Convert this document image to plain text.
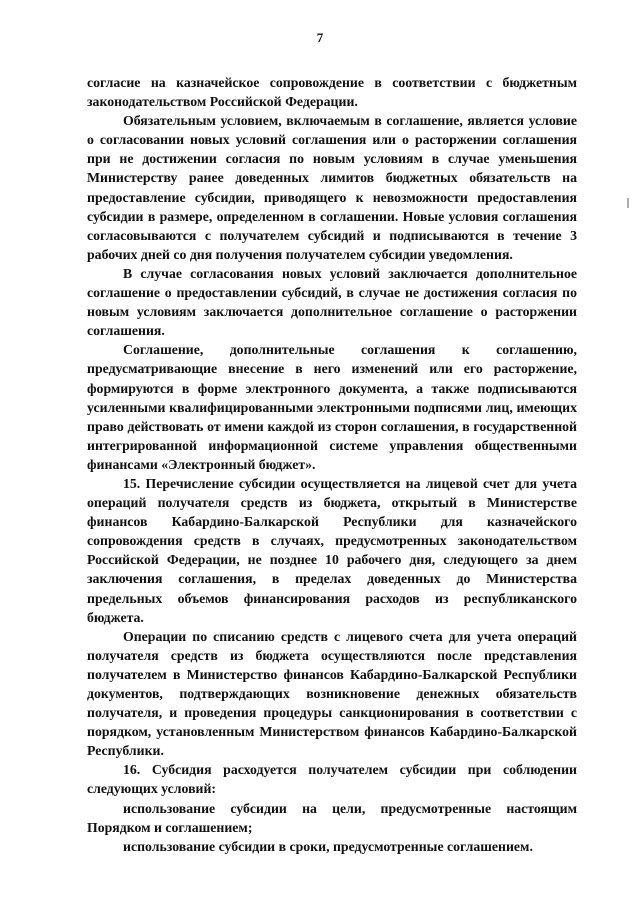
7

согласие на казначейское сопровождение в соответствии с бюджетным законодательством Российской Федерации.

Обязательным условием, включаемым в соглашение, является условие о согласовании новых условий соглашения или о расторжении соглашения при не достижении согласия по новым условиям в случае уменьшения Министерству ранее доведенных лимитов бюджетных обязательств на предоставление субсидии, приводящего к невозможности предоставления субсидии в размере, определенном в соглашении. Новые условия соглашения согласовываются с получателем субсидий и подписываются в течение 3 рабочих дней со дня получения получателем субсидии уведомления.

В случае согласования новых условий заключается дополнительное соглашение о предоставлении субсидий, в случае не достижения согласия по новым условиям заключается дополнительное соглашение о расторжении соглашения.

Соглашение, дополнительные соглашения к соглашению, предусматривающие внесение в него изменений или его расторжение, формируются в форме электронного документа, а также подписываются усиленными квалифицированными электронными подписями лиц, имеющих право действовать от имени каждой из сторон соглашения, в государственной интегрированной информационной системе управления общественными финансами «Электронный бюджет».

15. Перечисление субсидии осуществляется на лицевой счет для учета операций получателя средств из бюджета, открытый в Министерстве финансов Кабардино-Балкарской Республики для казначейского сопровождения средств в случаях, предусмотренных законодательством Российской Федерации, не позднее 10 рабочего дня, следующего за днем заключения соглашения, в пределах доведенных до Министерства предельных объемов финансирования расходов из республиканского бюджета.

Операции по списанию средств с лицевого счета для учета операций получателя средств из бюджета осуществляются после представления получателем в Министерство финансов Кабардино-Балкарской Республики документов, подтверждающих возникновение денежных обязательств получателя, и проведения процедуры санкционирования в соответствии с порядком, установленным Министерством финансов Кабардино-Балкарской Республики.

16. Субсидия расходуется получателем субсидии при соблюдении следующих условий:

использование субсидии на цели, предусмотренные настоящим Порядком и соглашением;

использование субсидии в сроки, предусмотренные соглашением.
